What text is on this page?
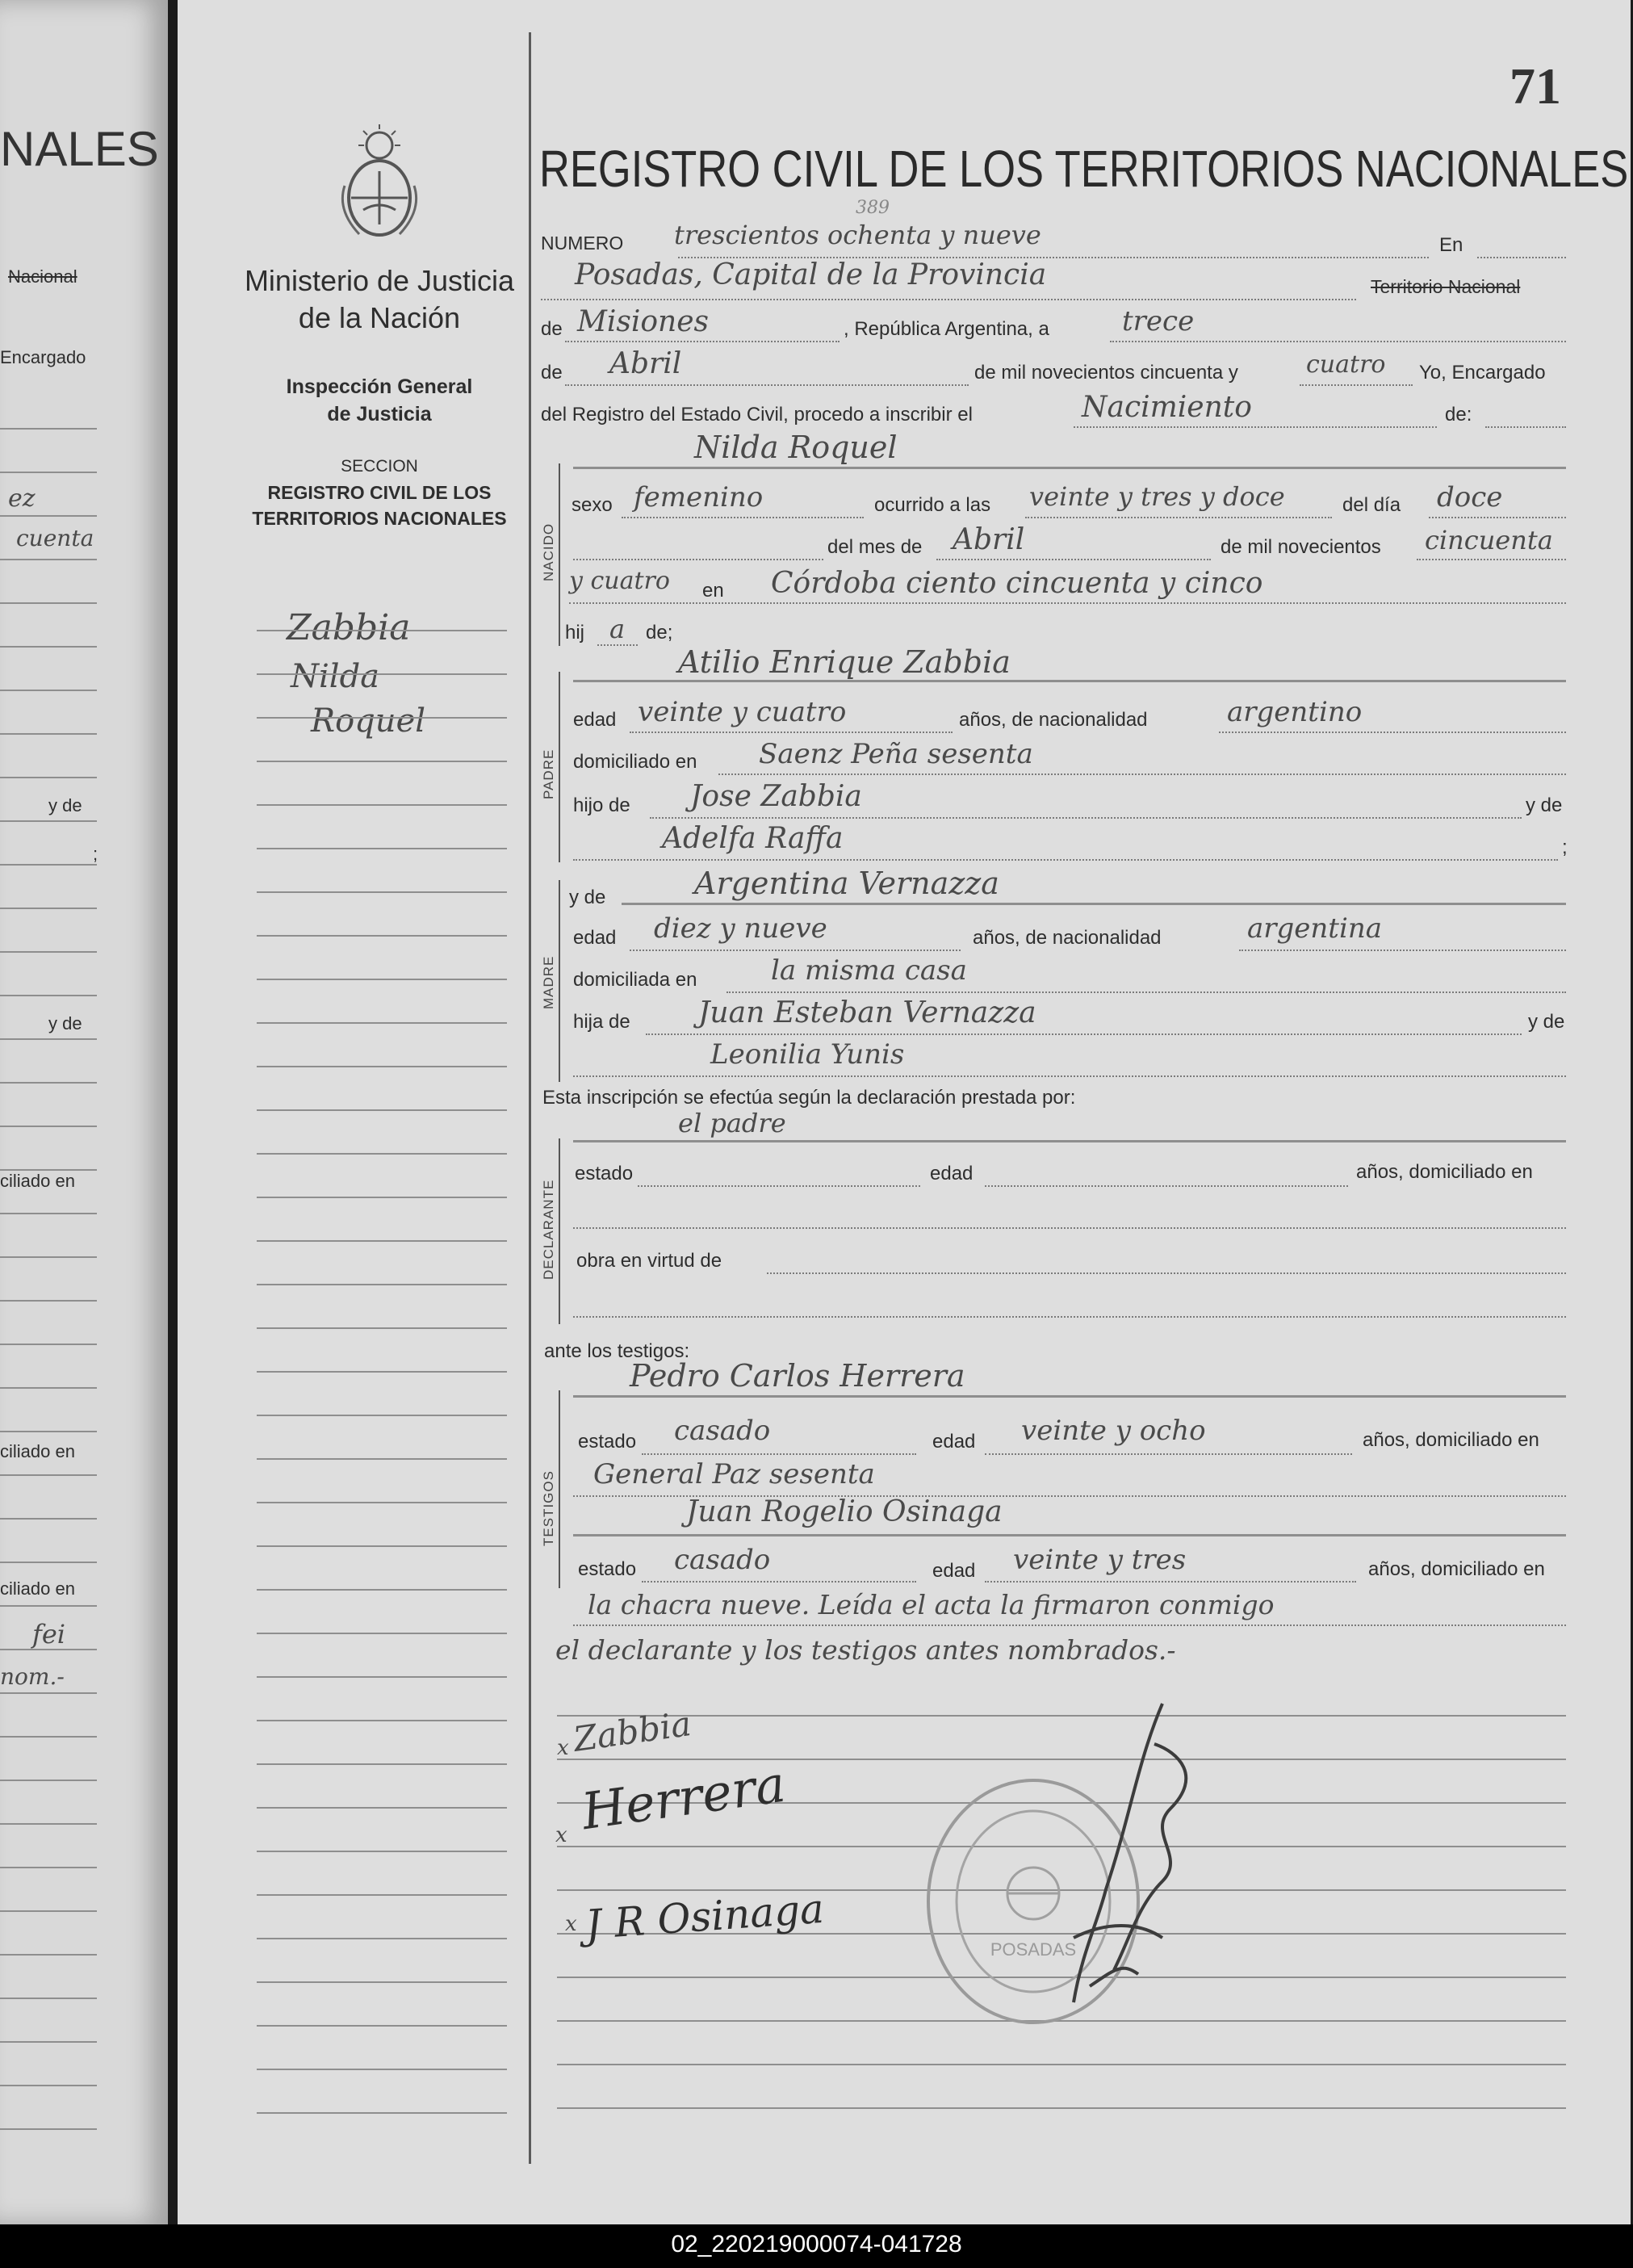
NALES
Nacional
Encargado
ez
cuenta
y de
;
y de
ciliado en
ciliado en
ciliado en
fei
nom.-
71
Ministerio de Justicia
de la Nación
Inspección General
de Justicia
SECCION
REGISTRO CIVIL DE LOS
TERRITORIOS NACIONALES
Zabbia
Nilda
Roquel
REGISTRO CIVIL DE LOS TERRITORIOS NACIONALES
NUMERO
389
trescientos ochenta y nueve	En
Posadas, Capital de la Provincia	Territorio Nacional
de Misiones	, República Argentina, a	trece
de Abril	de mil novecientos cincuenta y	cuatro Yo, Encargado
del Registro del Estado Civil, procedo a inscribir el	Nacimiento	de:
NACIDO
Nilda Roquel
sexo femenino	ocurrido a las veinte y tres y doce	del día doce
del mes de Abril	de mil novecientos cincuenta
y cuatro en Córdoba ciento cincuenta y cinco
hij a de;
PADRE
Atilio Enrique Zabbia
edad veinte y cuatro	años, de nacionalidad	argentino
domiciliado en Saenz Peña sesenta
hijo de Jose Zabbia	y de
Adelfa Raffa	;
MADRE
y de	Argentina Vernazza
edad diez y nueve	años, de nacionalidad	argentina
domiciliada en	la misma casa
hija de Juan Esteban Vernazza	y de
Leonilia Yunis
Esta inscripción se efectúa según la declaración prestada por:
DECLARANTE
el padre
estado	edad	años, domiciliado en
obra en virtud de
ante los testigos:
TESTIGOS
Pedro Carlos Herrera
estado casado	edad veinte y ocho	años, domiciliado en
General Paz sesenta
Juan Rogelio Osinaga
estado casado	edad veinte y tres	años, domiciliado en
la chacra nueve. Leída el acta la firmaron conmigo
el declarante y los testigos antes nombrados.-
x Zabbia
x Herrera
x J R Osinaga
POSADAS
02_220219000074-041728
